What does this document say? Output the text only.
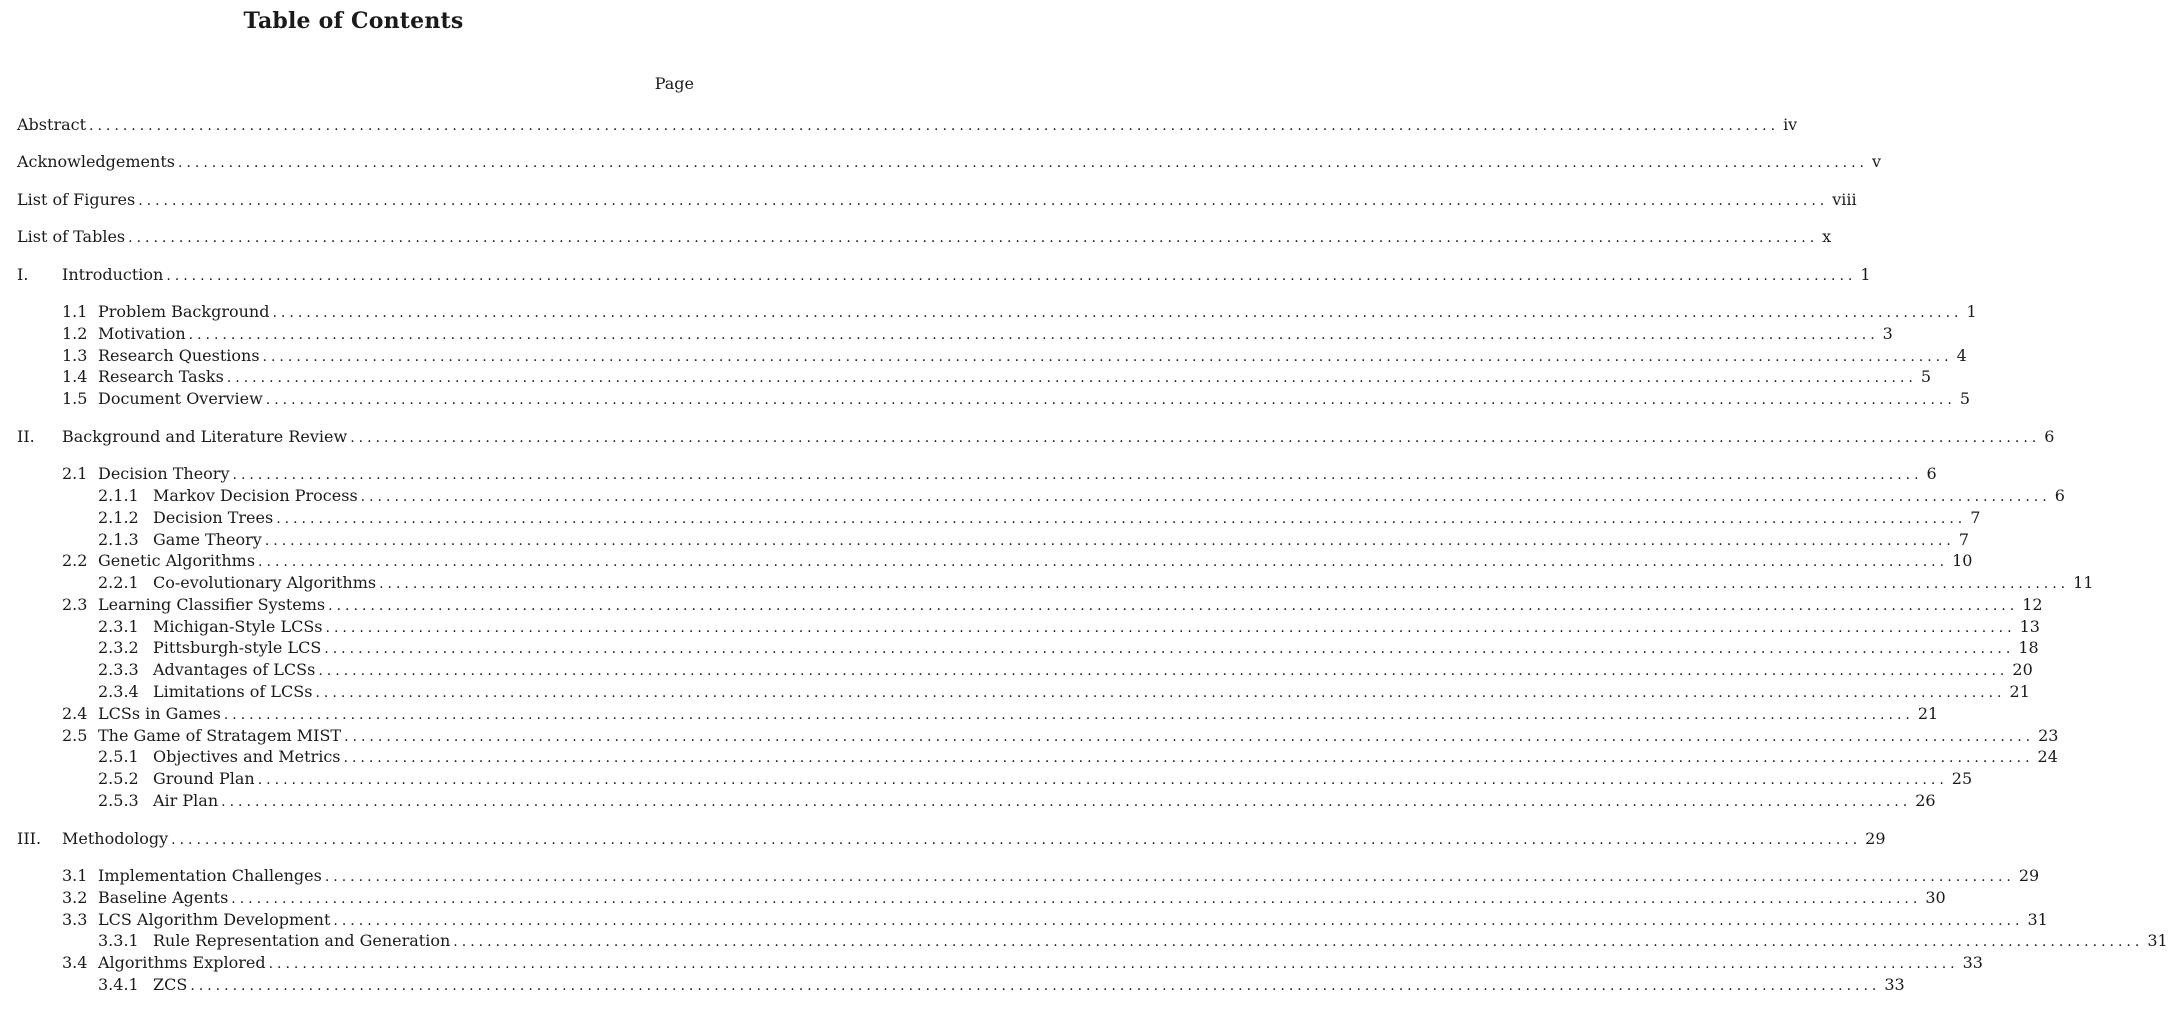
Table of Contents
Page
Abstract ........................................................................................................................................................................................................ iv
Acknowledgements ........................................................................................................................................................................................................ v
List of Figures ........................................................................................................................................................................................................ viii
List of Tables ........................................................................................................................................................................................................ x
I.	Introduction ........................................................................................................................................................................................................ 1
1.1 Problem Background ........................................................................................................................................................................................................ 1
1.2 Motivation ........................................................................................................................................................................................................ 3
1.3 Research Questions ........................................................................................................................................................................................................ 4
1.4 Research Tasks ........................................................................................................................................................................................................ 5
1.5 Document Overview ........................................................................................................................................................................................................ 5
II.	Background and Literature Review ........................................................................................................................................................................................................ 6
2.1 Decision Theory ........................................................................................................................................................................................................ 6
2.1.1 Markov Decision Process ........................................................................................................................................................................................................ 6
2.1.2 Decision Trees ........................................................................................................................................................................................................ 7
2.1.3 Game Theory ........................................................................................................................................................................................................ 7
2.2 Genetic Algorithms ........................................................................................................................................................................................................ 10
2.2.1 Co-evolutionary Algorithms ........................................................................................................................................................................................................ 11
2.3 Learning Classifier Systems ........................................................................................................................................................................................................ 12
2.3.1 Michigan-Style LCSs ........................................................................................................................................................................................................ 13
2.3.2 Pittsburgh-style LCS ........................................................................................................................................................................................................ 18
2.3.3 Advantages of LCSs ........................................................................................................................................................................................................ 20
2.3.4 Limitations of LCSs ........................................................................................................................................................................................................ 21
2.4 LCSs in Games ........................................................................................................................................................................................................ 21
2.5 The Game of Stratagem MIST ........................................................................................................................................................................................................ 23
2.5.1 Objectives and Metrics ........................................................................................................................................................................................................ 24
2.5.2 Ground Plan ........................................................................................................................................................................................................ 25
2.5.3 Air Plan ........................................................................................................................................................................................................ 26
III.	Methodology ........................................................................................................................................................................................................ 29
3.1 Implementation Challenges ........................................................................................................................................................................................................ 29
3.2 Baseline Agents ........................................................................................................................................................................................................ 30
3.3 LCS Algorithm Development ........................................................................................................................................................................................................ 31
3.3.1 Rule Representation and Generation ........................................................................................................................................................................................................ 31
3.4 Algorithms Explored ........................................................................................................................................................................................................ 33
3.4.1 ZCS ........................................................................................................................................................................................................ 33
